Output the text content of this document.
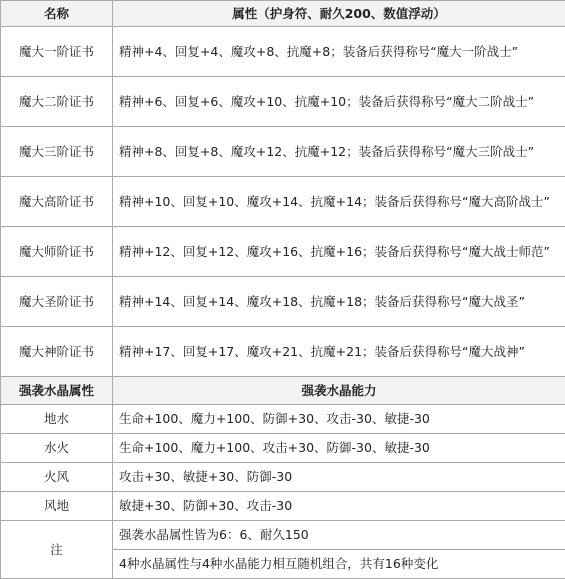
名称	属性（护身符、耐久200、数值浮动）
魔大一阶证书	精神+4、回复+4、魔攻+8、抗魔+8；装备后获得称号“魔大一阶战士”
魔大二阶证书	精神+6、回复+6、魔攻+10、抗魔+10；装备后获得称号“魔大二阶战士”
魔大三阶证书	精神+8、回复+8、魔攻+12、抗魔+12；装备后获得称号“魔大三阶战士”
魔大高阶证书	精神+10、回复+10、魔攻+14、抗魔+14；装备后获得称号“魔大高阶战士”
魔大师阶证书	精神+12、回复+12、魔攻+16、抗魔+16；装备后获得称号“魔大战士师范”
魔大圣阶证书	精神+14、回复+14、魔攻+18、抗魔+18；装备后获得称号“魔大战圣”
魔大神阶证书	精神+17、回复+17、魔攻+21、抗魔+21；装备后获得称号“魔大战神”
强袭水晶属性	强袭水晶能力
地水	生命+100、魔力+100、防御+30、攻击-30、敏捷-30
水火	生命+100、魔力+100、攻击+30、防御-30、敏捷-30
火风	攻击+30、敏捷+30、防御-30
风地	敏捷+30、防御+30、攻击-30
注	强袭水晶属性皆为6：6、耐久150
	4种水晶属性与4种水晶能力相互随机组合，共有16种变化
